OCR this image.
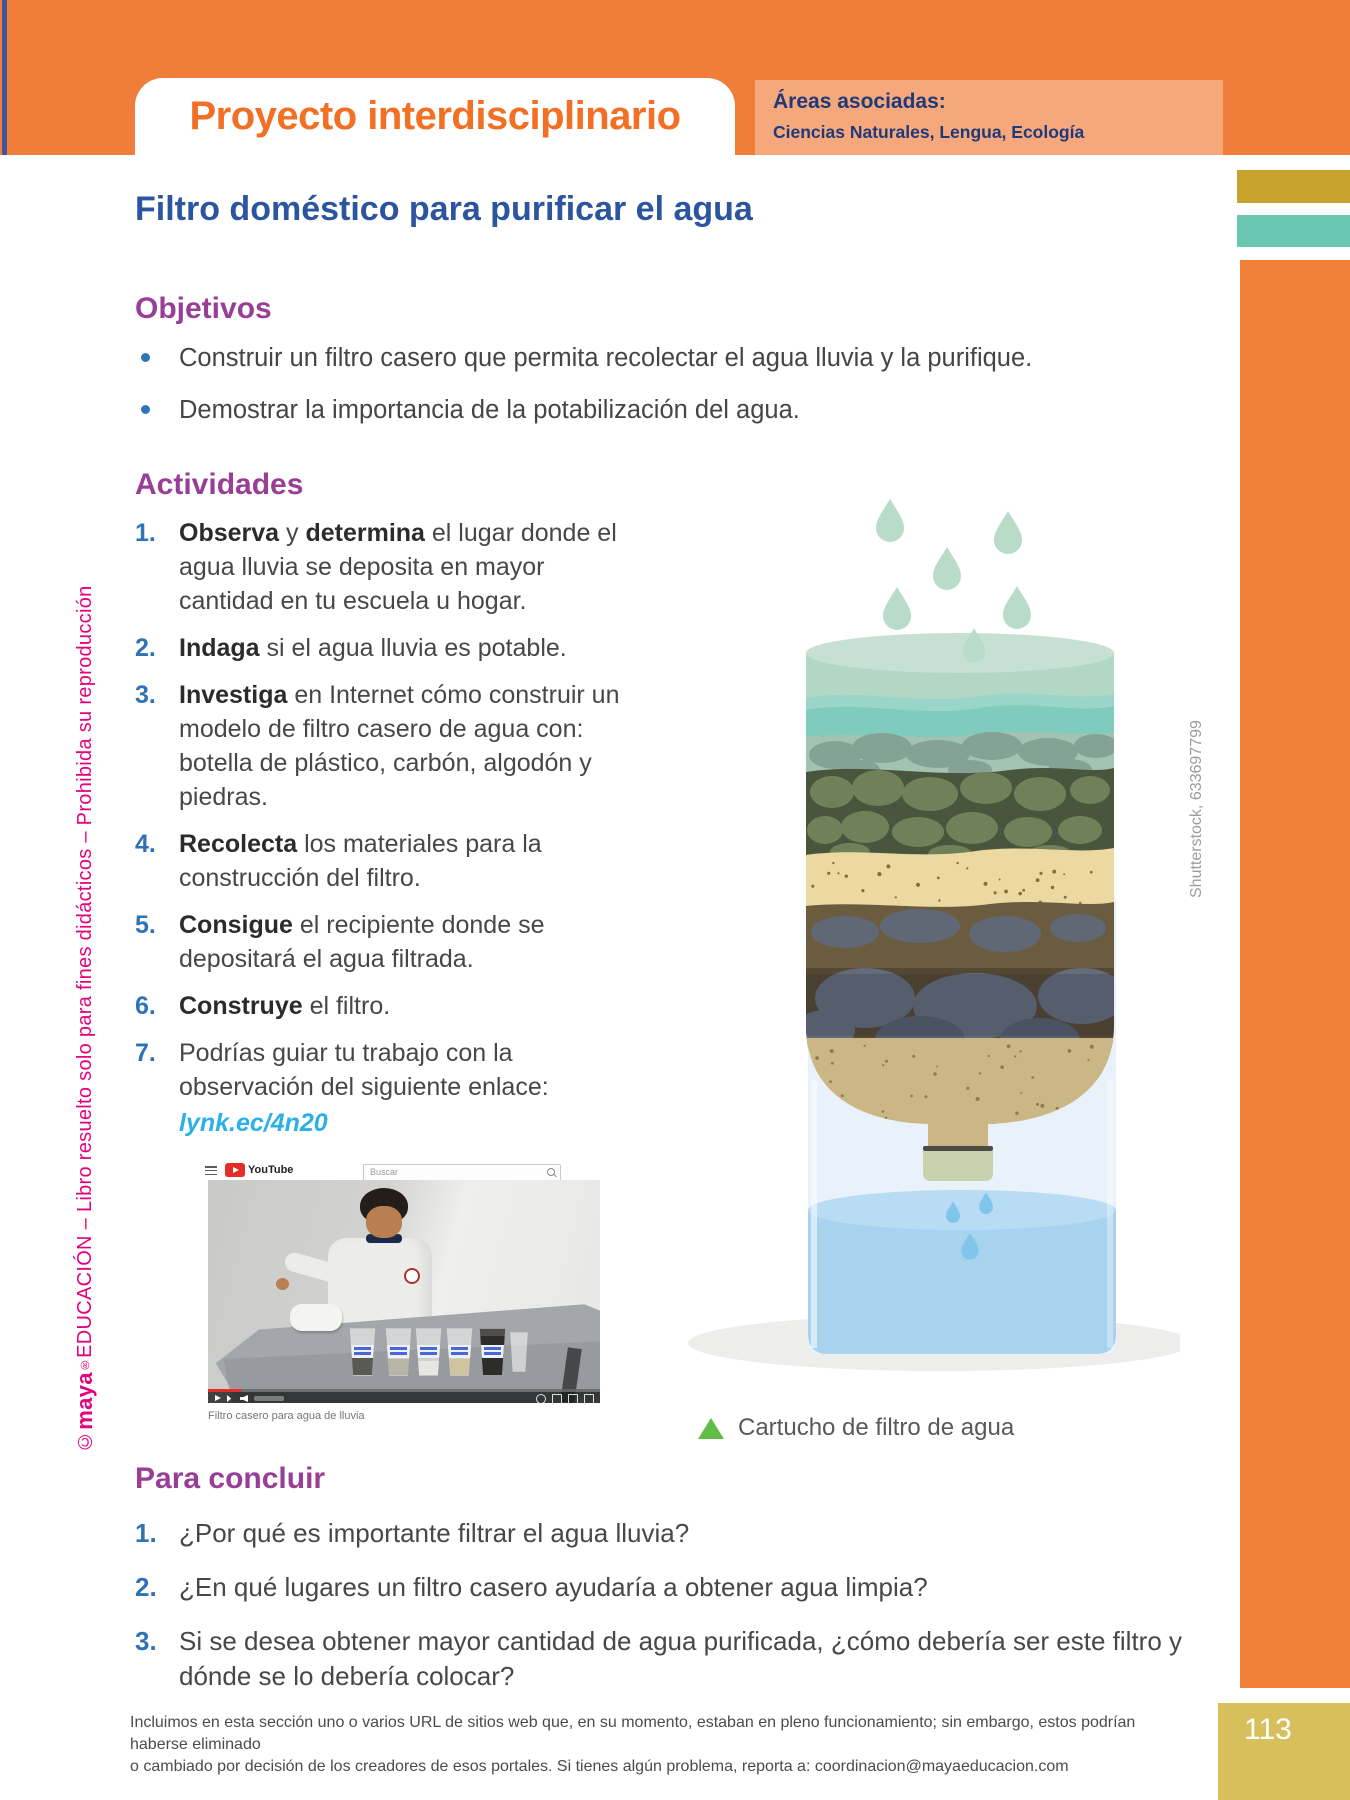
Proyecto interdisciplinario	Áreas asociadas:
Ciencias Naturales, Lengua, Ecología
113
Filtro doméstico para purificar el agua
Objetivos
Construir un filtro casero que permita recolectar el agua lluvia y la purifique.
Demostrar la importancia de la potabilización del agua.
Actividades
1. Observa y determina el lugar donde el agua lluvia se deposita en mayor cantidad en tu escuela u hogar.
2. Indaga si el agua lluvia es potable.
3. Investiga en Internet cómo construir un modelo de filtro casero de agua con: botella de plástico, carbón, algodón y piedras.
4. Recolecta los materiales para la construcción del filtro.
5. Consigue el recipiente donde se depositará el agua filtrada.
6. Construye el filtro.
7. Podrías guiar tu trabajo con la observación del siguiente enlace:
lynk.ec/4n20
YouTube	Buscar
Filtro casero para agua de lluvia
Shutterstock, 633697799
Cartucho de filtro de agua
Para concluir
1. ¿Por qué es importante filtrar el agua lluvia?
2. ¿En qué lugares un filtro casero ayudaría a obtener agua limpia?
3. Si se desea obtener mayor cantidad de agua purificada, ¿cómo debería ser este filtro y dónde se lo debería colocar?

Incluimos en esta sección uno o varios URL de sitios web que, en su momento, estaban en pleno funcionamiento; sin embargo, estos podrían haberse eliminado
o cambiado por decisión de los creadores de esos portales. Si tienes algún problema, reporta a: coordinacion@mayaeducacion.com

©maya®EDUCACIÓN – Libro resuelto solo para fines didácticos – Prohibida su reproducción
